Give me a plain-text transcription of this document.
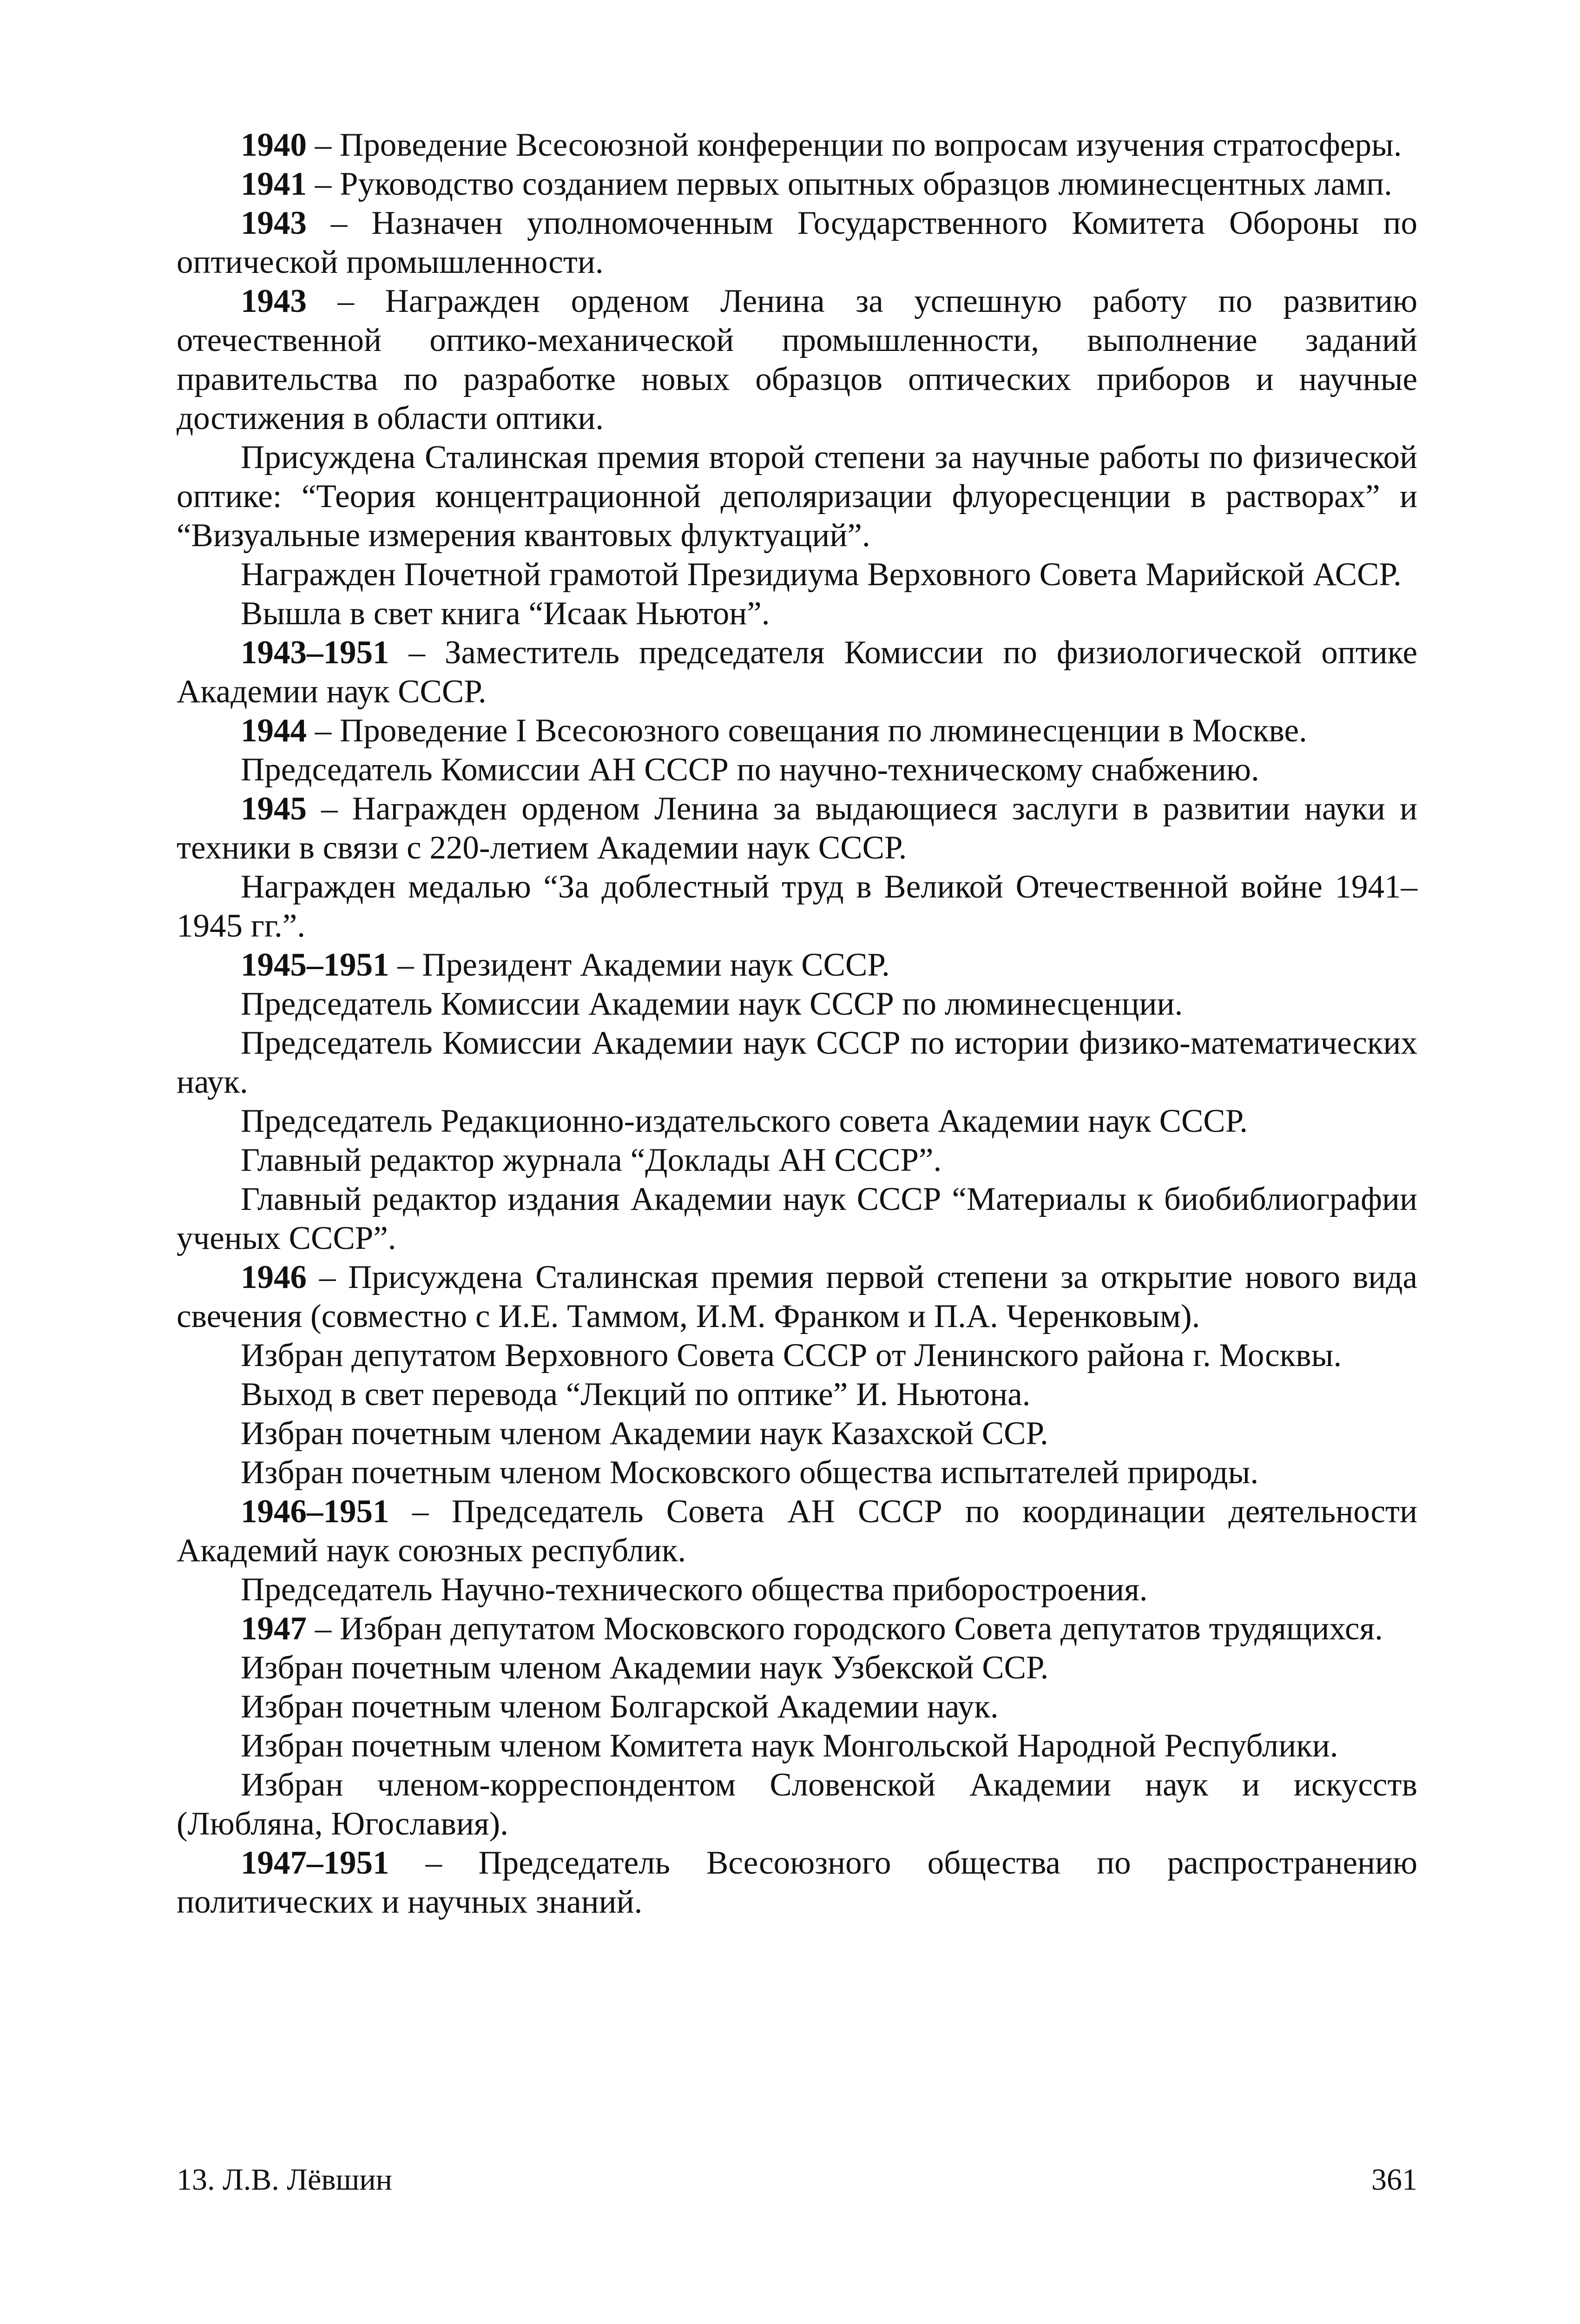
1940 – Проведение Всесоюзной конференции по вопросам изучения стратосферы.

1941 – Руководство созданием первых опытных образцов люминесцентных ламп.

1943 – Назначен уполномоченным Государственного Комитета Обороны по оптической промышленности.

1943 – Награжден орденом Ленина за успешную работу по развитию отечественной оптико-механической промышленности, выполнение заданий правительства по разработке новых образцов оптических приборов и научные достижения в области оптики.

Присуждена Сталинская премия второй степени за научные работы по физической оптике: “Теория концентрационной деполяризации флуоресценции в растворах” и “Визуальные измерения квантовых флуктуаций”.

Награжден Почетной грамотой Президиума Верховного Совета Марийской АССР.

Вышла в свет книга “Исаак Ньютон”.

1943–1951 – Заместитель председателя Комиссии по физиологической оптике Академии наук СССР.

1944 – Проведение I Всесоюзного совещания по люминесценции в Москве.

Председатель Комиссии АН СССР по научно-техническому снабжению.

1945 – Награжден орденом Ленина за выдающиеся заслуги в развитии науки и техники в связи с 220-летием Академии наук СССР.

Награжден медалью “За доблестный труд в Великой Отечественной войне 1941–1945 гг.”.

1945–1951 – Президент Академии наук СССР.

Председатель Комиссии Академии наук СССР по люминесценции.

Председатель Комиссии Академии наук СССР по истории физико-математических наук.

Председатель Редакционно-издательского совета Академии наук СССР.

Главный редактор журнала “Доклады АН СССР”.

Главный редактор издания Академии наук СССР “Материалы к биобиблиографии ученых СССР”.

1946 – Присуждена Сталинская премия первой степени за открытие нового вида свечения (совместно с И.Е. Таммом, И.М. Франком и П.А. Черенковым).

Избран депутатом Верховного Совета СССР от Ленинского района г. Москвы.

Выход в свет перевода “Лекций по оптике” И. Ньютона.

Избран почетным членом Академии наук Казахской ССР.

Избран почетным членом Московского общества испытателей природы.

1946–1951 – Председатель Совета АН СССР по координации деятельности Академий наук союзных республик.

Председатель Научно-технического общества приборостроения.

1947 – Избран депутатом Московского городского Совета депутатов трудящихся.

Избран почетным членом Академии наук Узбекской ССР.

Избран почетным членом Болгарской Академии наук.

Избран почетным членом Комитета наук Монгольской Народной Республики.

Избран членом-корреспондентом Словенской Академии наук и искусств (Любляна, Югославия).

1947–1951 – Председатель Всесоюзного общества по распространению политических и научных знаний.

13. Л.В. Лёвшин	361
